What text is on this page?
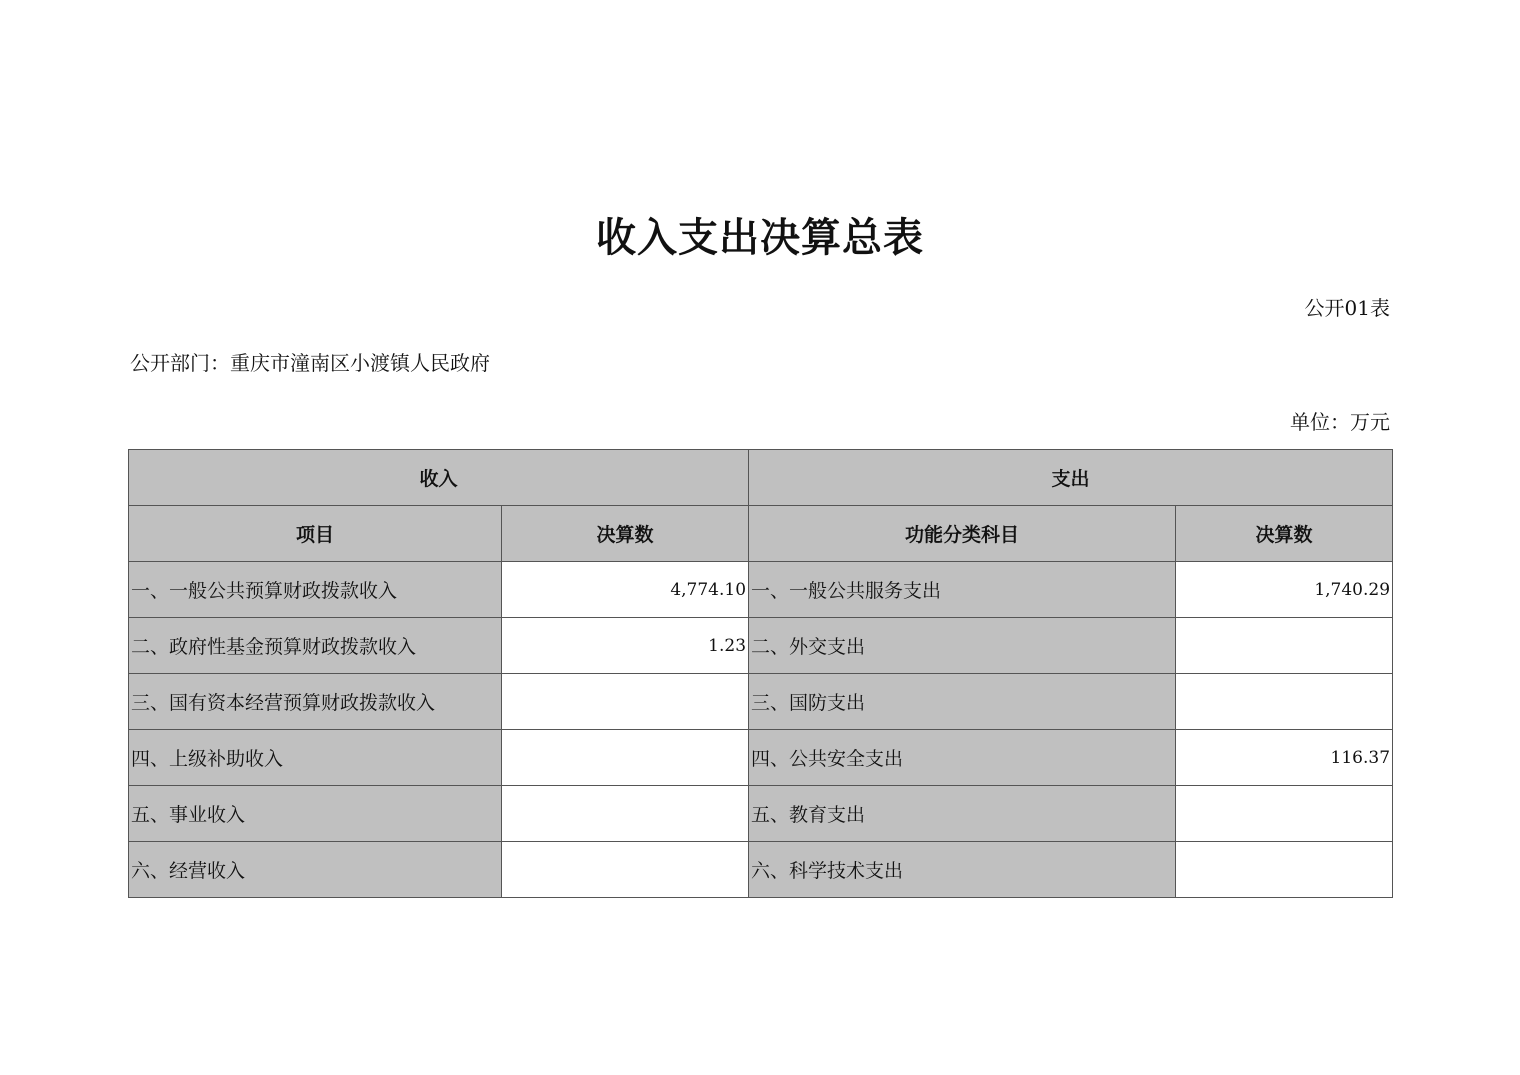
收入支出决算总表
公开01表
公开部门：重庆市潼南区小渡镇人民政府
单位：万元
收入		支出	
项目	决算数	功能分类科目	决算数
一、一般公共预算财政拨款收入	4,774.10	一、一般公共服务支出	1,740.29
二、政府性基金预算财政拨款收入	1.23	二、外交支出	
三、国有资本经营预算财政拨款收入		三、国防支出	
四、上级补助收入		四、公共安全支出	116.37
五、事业收入		五、教育支出	
六、经营收入		六、科学技术支出	
